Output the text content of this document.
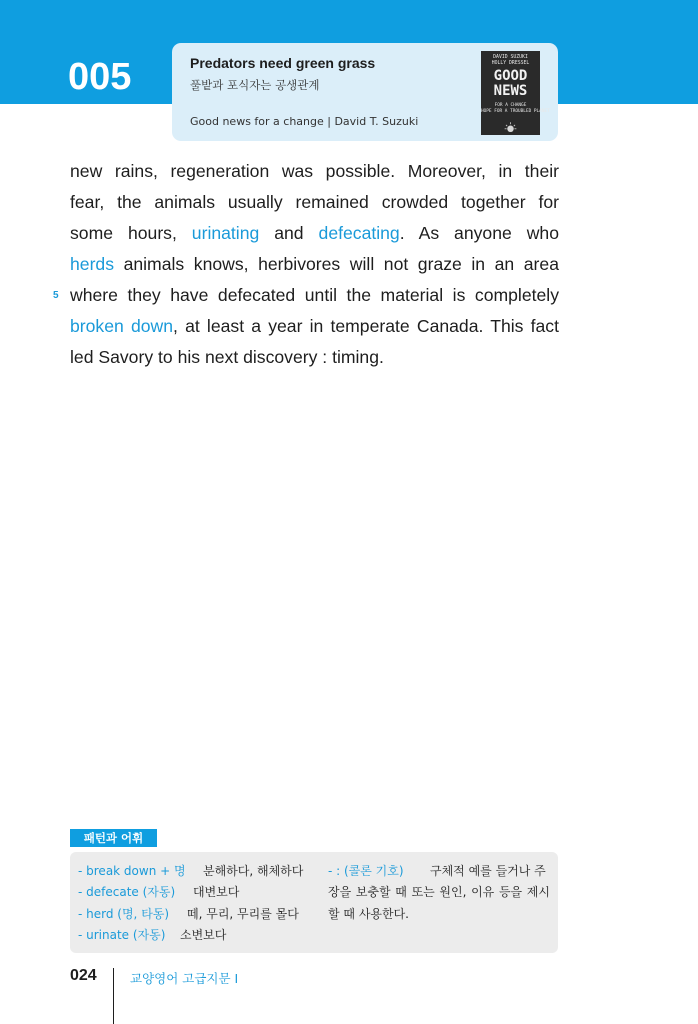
005	Predators need green grass
풀밭과 포식자는 공생관계
Good news for a change | David T. Suzuki
DAVID SUZUKI
HOLLY DRESSEL
GOOD
NEWS
FOR A CHANGE
HOPE FOR A TROUBLED PLANET
new rains, regeneration was possible. Moreover, in their
fear, the animals usually remained crowded together for
some hours, urinating and defecating. As anyone who
herds animals knows, herbivores will not graze in an area
where they have defecated until the material is completely
broken down, at least a year in temperate Canada. This fact
led Savory to his next discovery : timing.
5
패턴과 어휘
- break down + 명 분해하다, 해체하다
- defecate (자동) 대변보다
- herd (명, 타동) 떼, 무리, 무리를 몰다
- urinate (자동) 소변보다
- : (콜론 기호) 구체적 예를 들거나 주
장을 보충할 때 또는 원인, 이유 등을 제시
할 때 사용한다.
024	교양영어 고급지문 I
